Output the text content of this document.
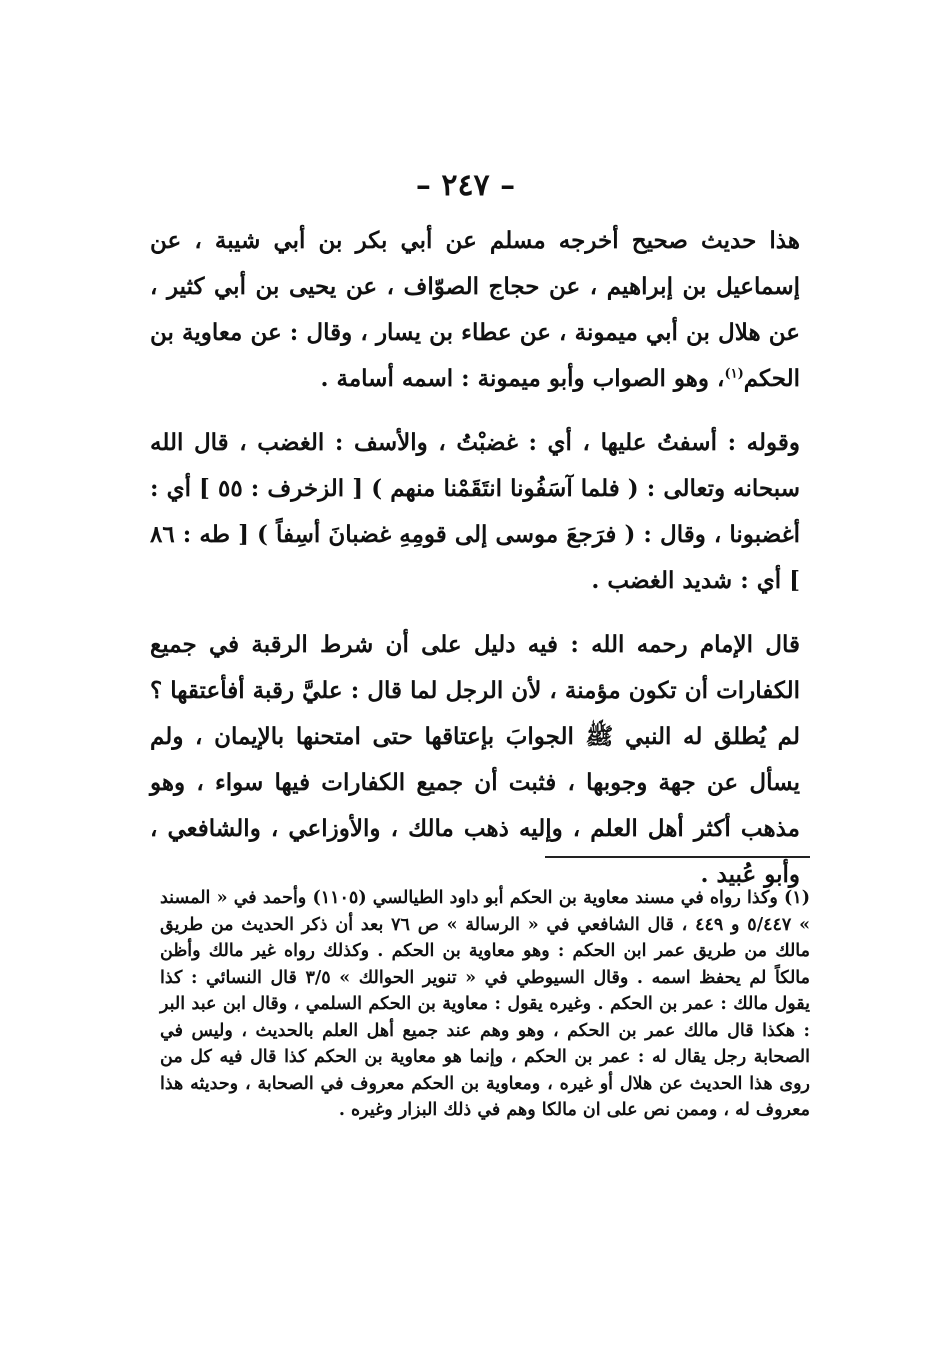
– ٢٤٧ –

هذا حديث صحيح أخرجه مسلم عن أبي بكر بن أبي شيبة ، عن إسماعيل بن إبراهيم ، عن حجاج الصوّاف ، عن يحيى بن أبي كثير ، عن هلال بن أبي ميمونة ، عن عطاء بن يسار ، وقال : عن معاوية بن الحكم$^{(١)}$، وهو الصواب وأبو ميمونة : اسمه أسامة .

وقوله : أسفتُ عليها ، أي : غضبْتُ ، والأسف : الغضب ، قال الله سبحانه وتعالى : ( فلما آسَفُونا انتَقَمْنا منهم ) [ الزخرف : ٥٥ ] أي : أغضبونا ، وقال : ( فرَجعَ موسى إلى قومِهِ غضبانَ أسِفاً ) [ طه : ٨٦ ] أي : شديد الغضب .

قال الإمام رحمه الله : فيه دليل على أن شرط الرقبة في جميع الكفارات أن تكون مؤمنة ، لأن الرجل لما قال : عليَّ رقبة أفأعتقها ؟ لم يُطلق له النبي ﷺ الجوابَ بإعتاقها حتى امتحنها بالإيمان ، ولم يسأل عن جهة وجوبها ، فثبت أن جميع الكفارات فيها سواء ، وهو مذهب أكثر أهل العلم ، وإليه ذهب مالك ، والأوزاعي ، والشافعي ، وأبو عُبيد .

(١) وكذا رواه في مسند معاوية بن الحكم أبو داود الطيالسي (١١٠٥) وأحمد في « المسند » ٥/٤٤٧ و ٤٤٩ ، قال الشافعي في « الرسالة » ص ٧٦ بعد أن ذكر الحديث من طريق مالك من طريق عمر ابن الحكم : وهو معاوية بن الحكم . وكذلك رواه غير مالك وأظن مالكاً لم يحفظ اسمه . وقال السيوطي في « تنوير الحوالك » ٣/٥ قال النسائي : كذا يقول مالك : عمر بن الحكم . وغيره يقول : معاوية بن الحكم السلمي ، وقال ابن عبد البر : هكذا قال مالك عمر بن الحكم ، وهو وهم عند جميع أهل العلم بالحديث ، وليس في الصحابة رجل يقال له : عمر بن الحكم ، وإنما هو معاوية بن الحكم كذا قال فيه كل من روى هذا الحديث عن هلال أو غيره ، ومعاوية بن الحكم معروف في الصحابة ، وحديثه هذا معروف له ، وممن نص على ان مالكا وهم في ذلك البزار وغيره .
